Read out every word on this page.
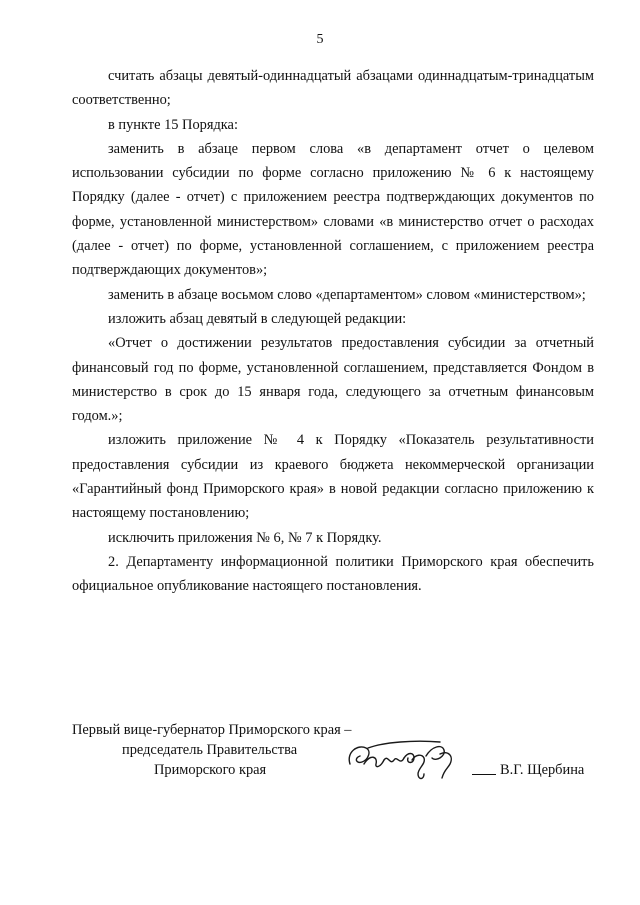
5

считать абзацы девятый-одиннадцатый абзацами одиннадцатым-тринадцатым соответственно;

в пункте 15 Порядка:

заменить в абзаце первом слова «в департамент отчет о целевом использовании субсидии по форме согласно приложению № 6 к настоящему Порядку (далее - отчет) с приложением реестра подтверждающих документов по форме, установленной министерством» словами «в министерство отчет о расходах (далее - отчет) по форме, установленной соглашением, с приложением реестра подтверждающих документов»;

заменить в абзаце восьмом слово «департаментом» словом «министерством»;

изложить абзац девятый в следующей редакции:

«Отчет о достижении результатов предоставления субсидии за отчетный финансовый год по форме, установленной соглашением, представляется Фондом в министерство в срок до 15 января года, следующего за отчетным финансовым годом.»;

изложить приложение № 4 к Порядку «Показатель результативности предоставления субсидии из краевого бюджета некоммерческой организации «Гарантийный фонд Приморского края» в новой редакции согласно приложению к настоящему постановлению;

исключить приложения № 6, № 7 к Порядку.

2. Департаменту информационной политики Приморского края обеспечить официальное опубликование настоящего постановления.

Первый вице-губернатор Приморского края –
председатель Правительства
Приморского края	В.Г. Щербина
